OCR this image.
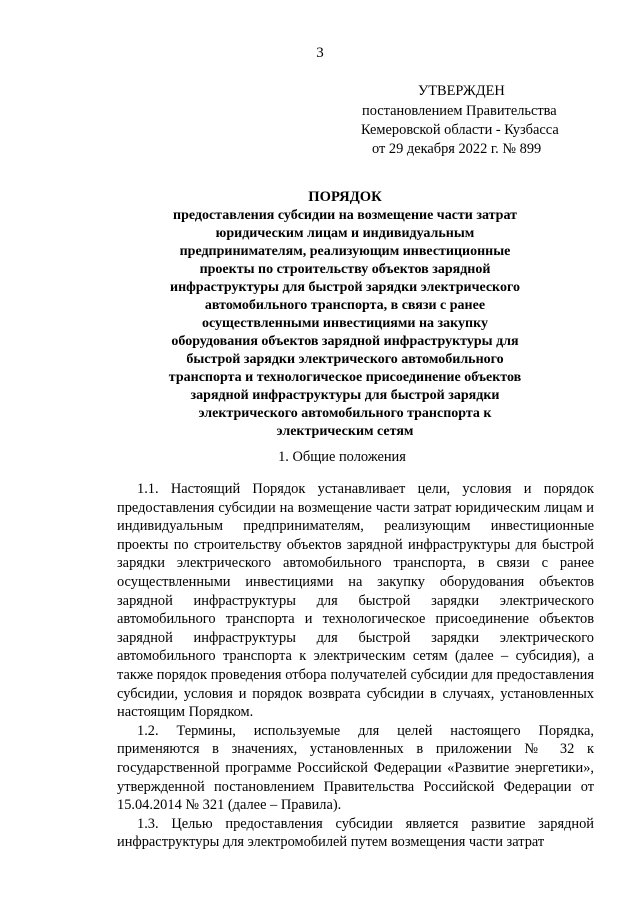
3
УТВЕРЖДЕН
постановлением Правительства
Кемеровской области - Кузбасса
от 29 декабря 2022 г. № 899
ПОРЯДОК
предоставления субсидии на возмещение части затрат
юридическим лицам и индивидуальным
предпринимателям, реализующим инвестиционные
проекты по строительству объектов зарядной
инфраструктуры для быстрой зарядки электрического
автомобильного транспорта, в связи с ранее
осуществленными инвестициями на закупку
оборудования объектов зарядной инфраструктуры для
быстрой зарядки электрического автомобильного
транспорта и технологическое присоединение объектов
зарядной инфраструктуры для быстрой зарядки
электрического автомобильного транспорта к
электрическим сетям
1. Общие положения

1.1. Настоящий Порядок устанавливает цели, условия и порядок предоставления субсидии на возмещение части затрат юридическим лицам и индивидуальным предпринимателям, реализующим инвестиционные проекты по строительству объектов зарядной инфраструктуры для быстрой зарядки электрического автомобильного транспорта, в связи с ранее осуществленными инвестициями на закупку оборудования объектов зарядной инфраструктуры для быстрой зарядки электрического автомобильного транспорта и технологическое присоединение объектов зарядной инфраструктуры для быстрой зарядки электрического автомобильного транспорта к электрическим сетям (далее – субсидия), а также порядок проведения отбора получателей субсидии для предоставления субсидии, условия и порядок возврата субсидии в случаях, установленных настоящим Порядком.

1.2. Термины, используемые для целей настоящего Порядка, применяются в значениях, установленных в приложении № 32 к государственной программе Российской Федерации «Развитие энергетики», утвержденной постановлением Правительства Российской Федерации от 15.04.2014 № 321 (далее – Правила).

1.3. Целью предоставления субсидии является развитие зарядной инфраструктуры для электромобилей путем возмещения части затрат
